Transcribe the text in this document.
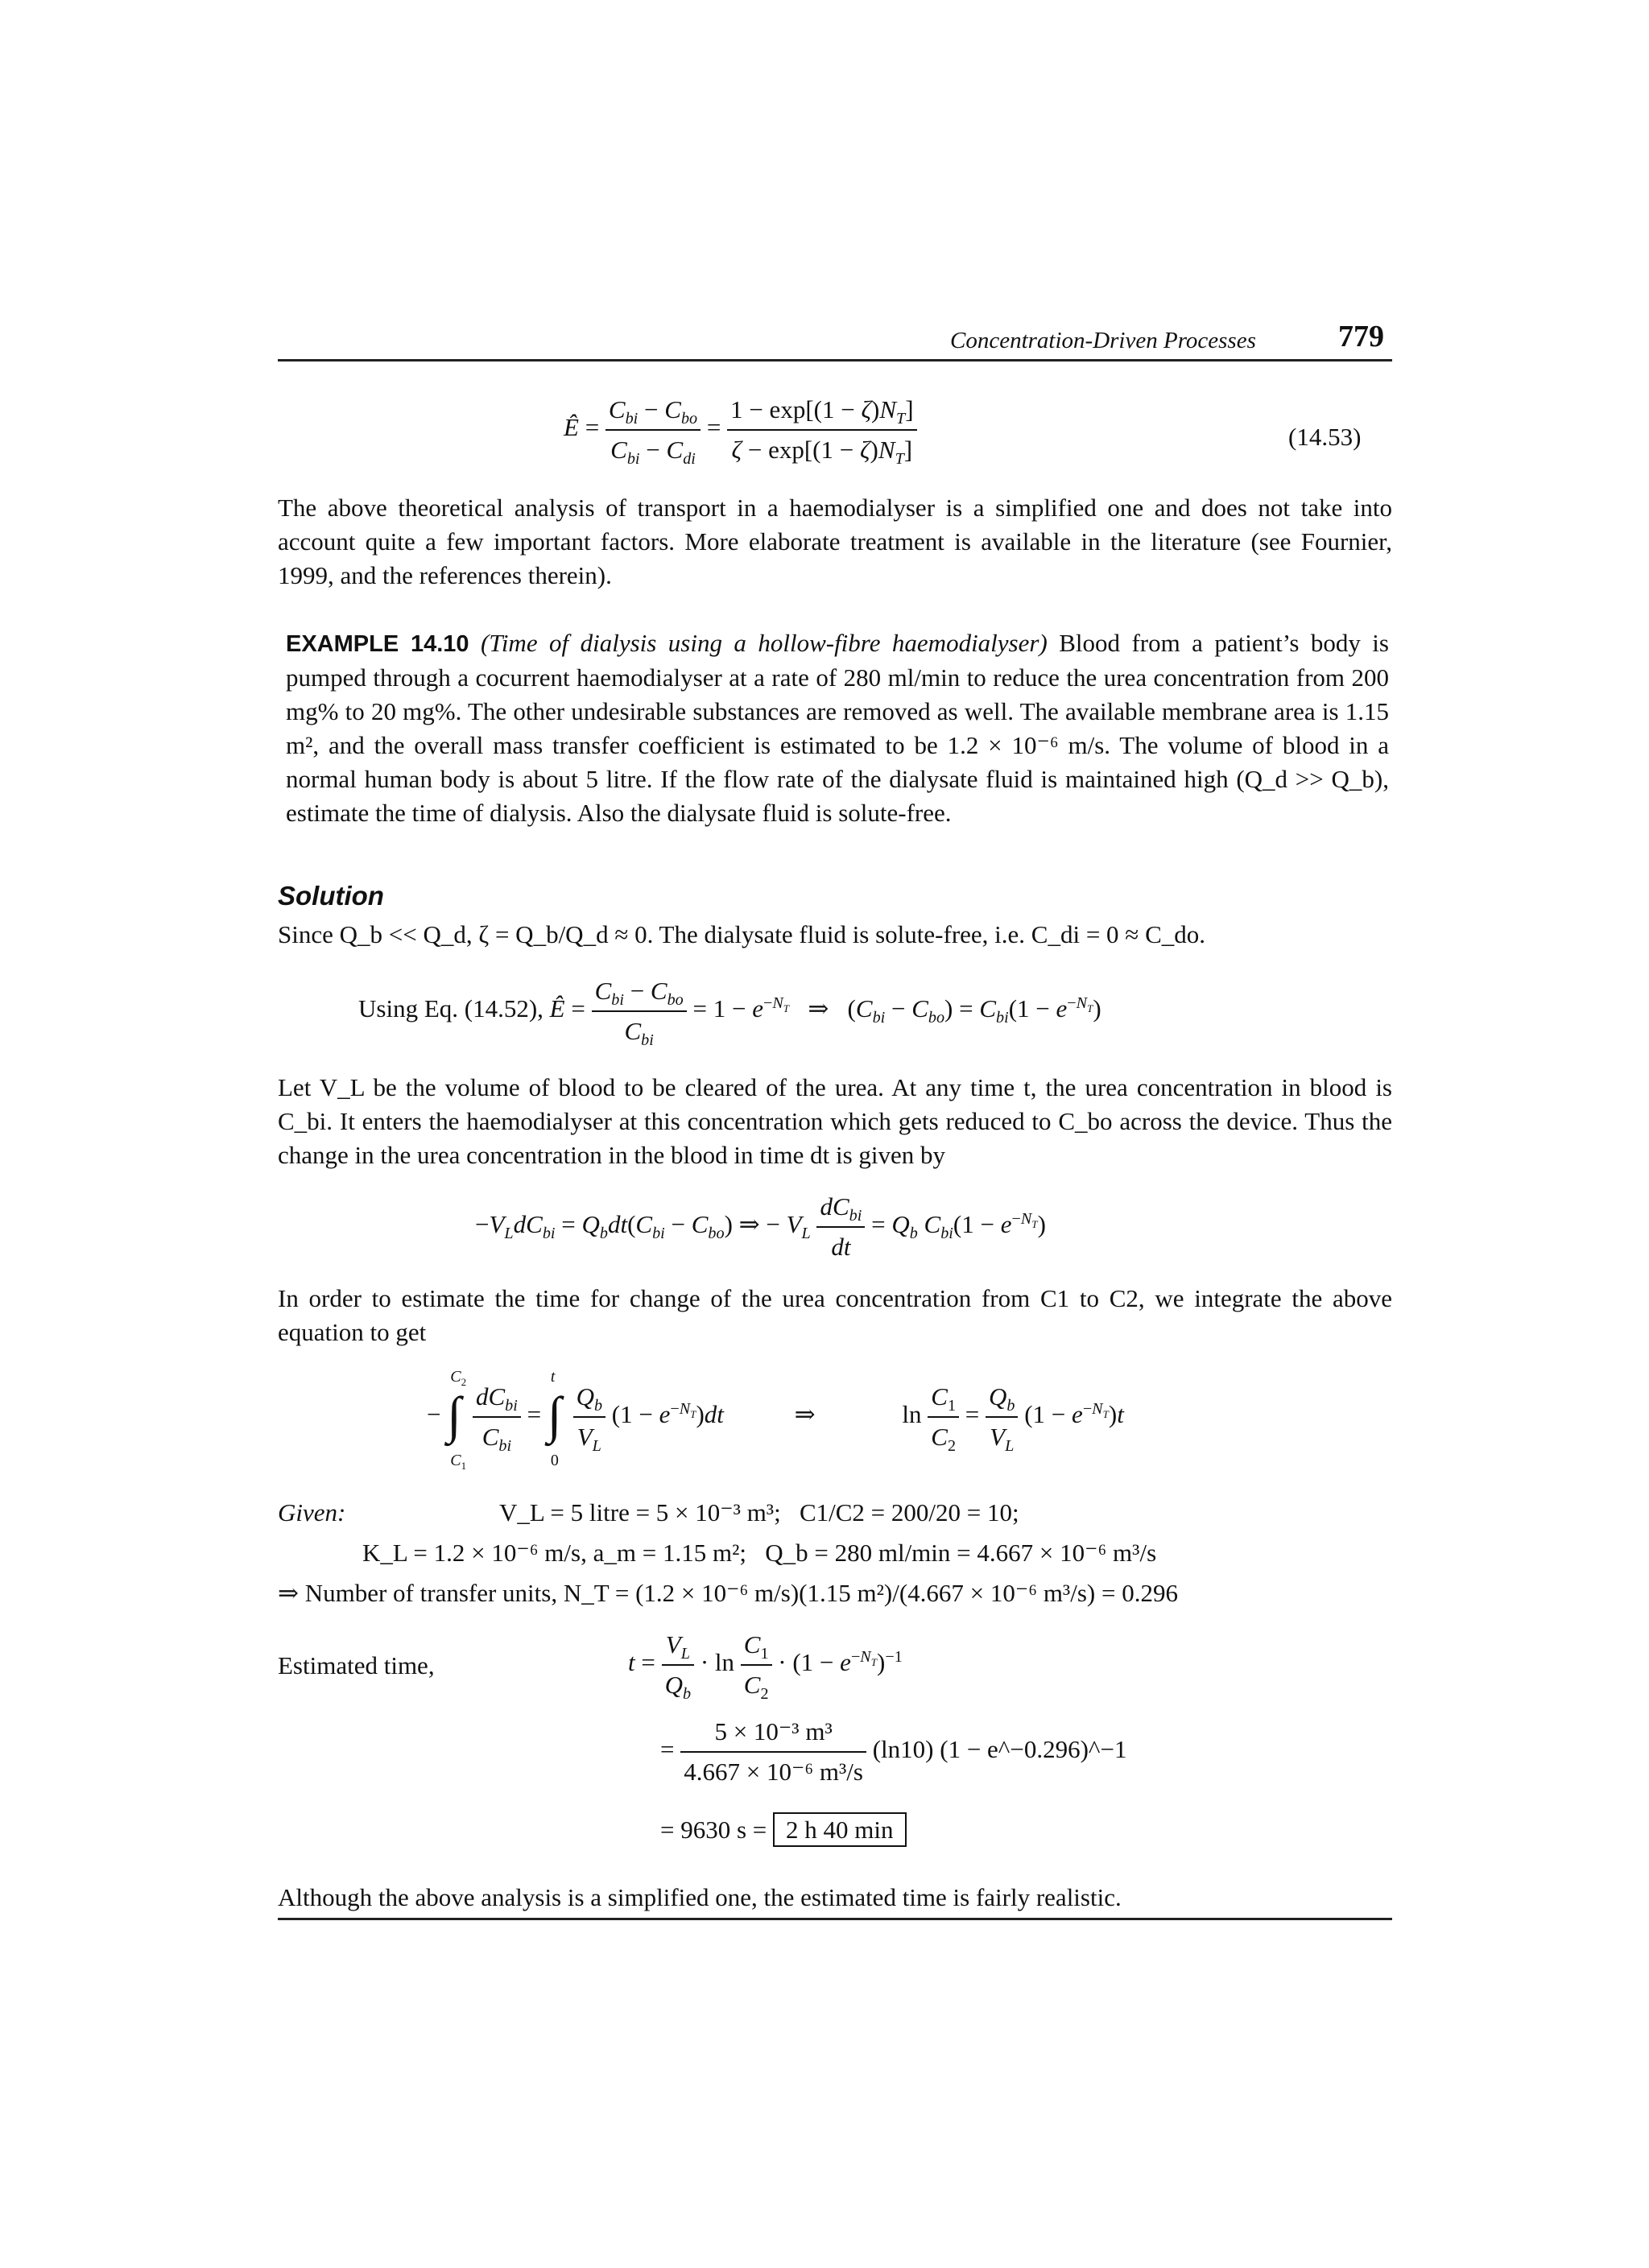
Concentration-Driven Processes	779
Ê = $\frac{C_{bi} - C_{bo}}{C_{bi} - C_{di}} = \frac{1 - \exp[(1 - \zeta)N_T]}{\zeta - \exp[(1 - \zeta)N_T]}$	(14.53)
The above theoretical analysis of transport in a haemodialyser is a simplified one and does not take into account quite a few important factors. More elaborate treatment is available in the literature (see Fournier, 1999, and the references therein).
EXAMPLE 14.10 (Time of dialysis using a hollow-fibre haemodialyser) Blood from a patient’s body is pumped through a cocurrent haemodialyser at a rate of 280 ml/min to reduce the urea concentration from 200 mg% to 20 mg%. The other undesirable substances are removed as well. The available membrane area is 1.15 m², and the overall mass transfer coefficient is estimated to be 1.2 × 10⁻⁶ m/s. The volume of blood in a normal human body is about 5 litre. If the flow rate of the dialysate fluid is maintained high (Q_d >> Q_b), estimate the time of dialysis. Also the dialysate fluid is solute-free.
Solution
Since Q_b << Q_d, ζ = Q_b/Q_d ≈ 0. The dialysate fluid is solute-free, i.e. C_di = 0 ≈ C_do.
Using Eq. (14.52), Ê = $\frac{C_{bi} - C_{bo}}{C_{bi}} = 1 - e^{-N_T}$   ⇒   $(C_{bi} - C_{bo}) = C_{bi}(1 - e^{-N_T})$
Let V_L be the volume of blood to be cleared of the urea. At any time t, the urea concentration in blood is C_bi. It enters the haemodialyser at this concentration which gets reduced to C_bo across the device. Thus the change in the urea concentration in the blood in time dt is given by
$-V_LdC_{bi} = Q_bdt(C_{bi} - C_{bo})$ ⇒ − $V_L \frac{dC_{bi}}{dt} = Q_b$ $C_{bi}(1 - e^{-N_T})$
In order to estimate the time for change of the urea concentration from C1 to C2, we integrate the above equation to get
−
$C_2$
∫
$C_1$

$\frac{dC_{bi}}{C_{bi}}$ =
t
∫
0

$\frac{Q_b}{V_L} (1 - e^{-N_T})dt$	⇒	$\ln \frac{C_1}{C_2} = \frac{Q_b}{V_L} (1 - e^{-N_T})t$
Given:	V_L = 5 litre = 5 × 10⁻³ m³;   C1/C2 = 200/20 = 10;
K_L = 1.2 × 10⁻⁶ m/s, a_m = 1.15 m²;   Q_b = 280 ml/min = 4.667 × 10⁻⁶ m³/s
⇒ Number of transfer units, N_T = (1.2 × 10⁻⁶ m/s)(1.15 m²)/(4.667 × 10⁻⁶ m³/s) = 0.296
Estimated time,	$t = \frac{V_L}{Q_b} \cdot \ln \frac{C_1}{C_2} \cdot (1 - e^{-N_T})^{-1}$
= $\frac{\text{5 × 10⁻³ m³}}{\text{4.667 × 10⁻⁶ m³/s}} (\ln 10) (1$ − e^−0.296)^−1
= 9630 s = 2 h 40 min
Although the above analysis is a simplified one, the estimated time is fairly realistic.
